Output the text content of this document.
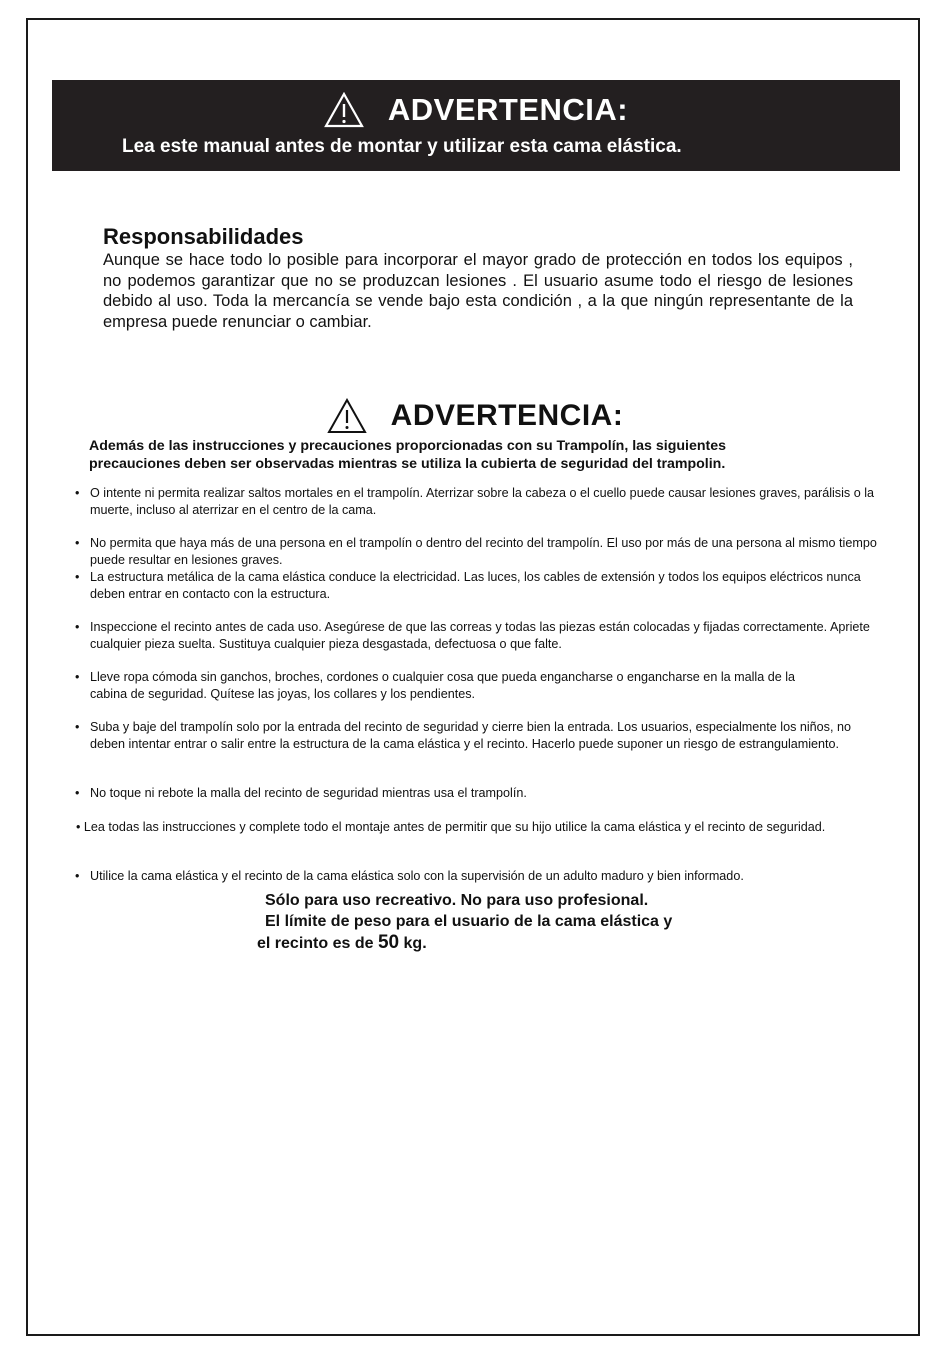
ADVERTENCIA:
Lea este manual antes de montar y utilizar esta cama elástica.

Responsabilidades

Aunque se hace todo lo posible para incorporar el mayor grado de protección en todos los equipos , no podemos garantizar que no se produzcan lesiones . El usuario asume todo el riesgo de lesiones debido al uso. Toda la mercancía se vende bajo esta condición , a la que ningún representante de la empresa puede renunciar o cambiar.

ADVERTENCIA:
Además de las instrucciones y precauciones proporcionadas con su Trampolín, las siguientes
precauciones deben ser observadas mientras se utiliza la cubierta de seguridad del trampolin.
• O intente ni permita realizar saltos mortales en el trampolín. Aterrizar sobre la cabeza o el cuello puede causar lesiones graves, parálisis o la muerte, incluso al aterrizar en el centro de la cama.
• No permita que haya más de una persona en el trampolín o dentro del recinto del trampolín. El uso por más de una persona al mismo tiempo puede resultar en lesiones graves.
• La estructura metálica de la cama elástica conduce la electricidad. Las luces, los cables de extensión y todos los equipos eléctricos nunca deben entrar en contacto con la estructura.
• Inspeccione el recinto antes de cada uso. Asegúrese de que las correas y todas las piezas están colocadas y fijadas correctamente. Apriete cualquier pieza suelta. Sustituya cualquier pieza desgastada, defectuosa o que falte.
• Lleve ropa cómoda sin ganchos, broches, cordones o cualquier cosa que pueda engancharse o engancharse en la malla de la cabina de seguridad. Quítese las joyas, los collares y los pendientes.
• Suba y baje del trampolín solo por la entrada del recinto de seguridad y cierre bien la entrada. Los usuarios, especialmente los niños, no deben intentar entrar o salir entre la estructura de la cama elástica y el recinto. Hacerlo puede suponer un riesgo de estrangulamiento.
• No toque ni rebote la malla del recinto de seguridad mientras usa el trampolín.
• Lea todas las instrucciones y complete todo el montaje antes de permitir que su hijo utilice la cama elástica y el recinto de seguridad.
• Utilice la cama elástica y el recinto de la cama elástica solo con la supervisión de un adulto maduro y bien informado.
Sólo para uso recreativo. No para uso profesional.
El límite de peso para el usuario de la cama elástica y
el recinto es de 50 kg.
